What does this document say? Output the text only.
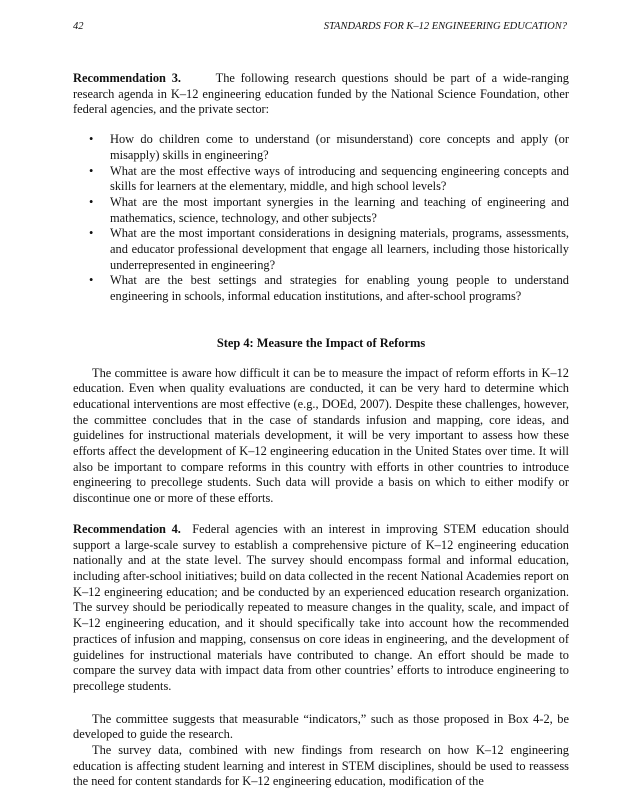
42	STANDARDS FOR K–12 ENGINEERING EDUCATION?

Recommendation 3.	The following research questions should be part of a wide-ranging research agenda in K–12 engineering education funded by the National Science Foundation, other federal agencies, and the private sector:

• How do children come to understand (or misunderstand) core concepts and apply (or misapply) skills in engineering?
• What are the most effective ways of introducing and sequencing engineering concepts and skills for learners at the elementary, middle, and high school levels?
• What are the most important synergies in the learning and teaching of engineering and mathematics, science, technology, and other subjects?
• What are the most important considerations in designing materials, programs, assessments, and educator professional development that engage all learners, including those historically underrepresented in engineering?
• What are the best settings and strategies for enabling young people to understand engineering in schools, informal education institutions, and after-school programs?
Step 4: Measure the Impact of Reforms

The committee is aware how difficult it can be to measure the impact of reform efforts in K–12 education. Even when quality evaluations are conducted, it can be very hard to determine which educational interventions are most effective (e.g., DOEd, 2007). Despite these challenges, however, the committee concludes that in the case of standards infusion and mapping, core ideas, and guidelines for instructional materials development, it will be very important to assess how these efforts affect the development of K–12 engineering education in the United States over time. It will also be important to compare reforms in this country with efforts in other countries to introduce engineering to precollege students. Such data will provide a basis on which to either modify or discontinue one or more of these efforts.

Recommendation 4. Federal agencies with an interest in improving STEM education should support a large-scale survey to establish a comprehensive picture of K–12 engineering education nationally and at the state level. The survey should encompass formal and informal education, including after-school initiatives; build on data collected in the recent National Academies report on K–12 engineering education; and be conducted by an experienced education research organization. The survey should be periodically repeated to measure changes in the quality, scale, and impact of K–12 engineering education, and it should specifically take into account how the recommended practices of infusion and mapping, consensus on core ideas in engineering, and the development of guidelines for instructional materials have contributed to change. An effort should be made to compare the survey data with impact data from other countries’ efforts to introduce engineering to precollege students.

The committee suggests that measurable “indicators,” such as those proposed in Box 4-2, be developed to guide the research.

The survey data, combined with new findings from research on how K–12 engineering education is affecting student learning and interest in STEM disciplines, should be used to reassess the need for content standards for K–12 engineering education, modification of the
